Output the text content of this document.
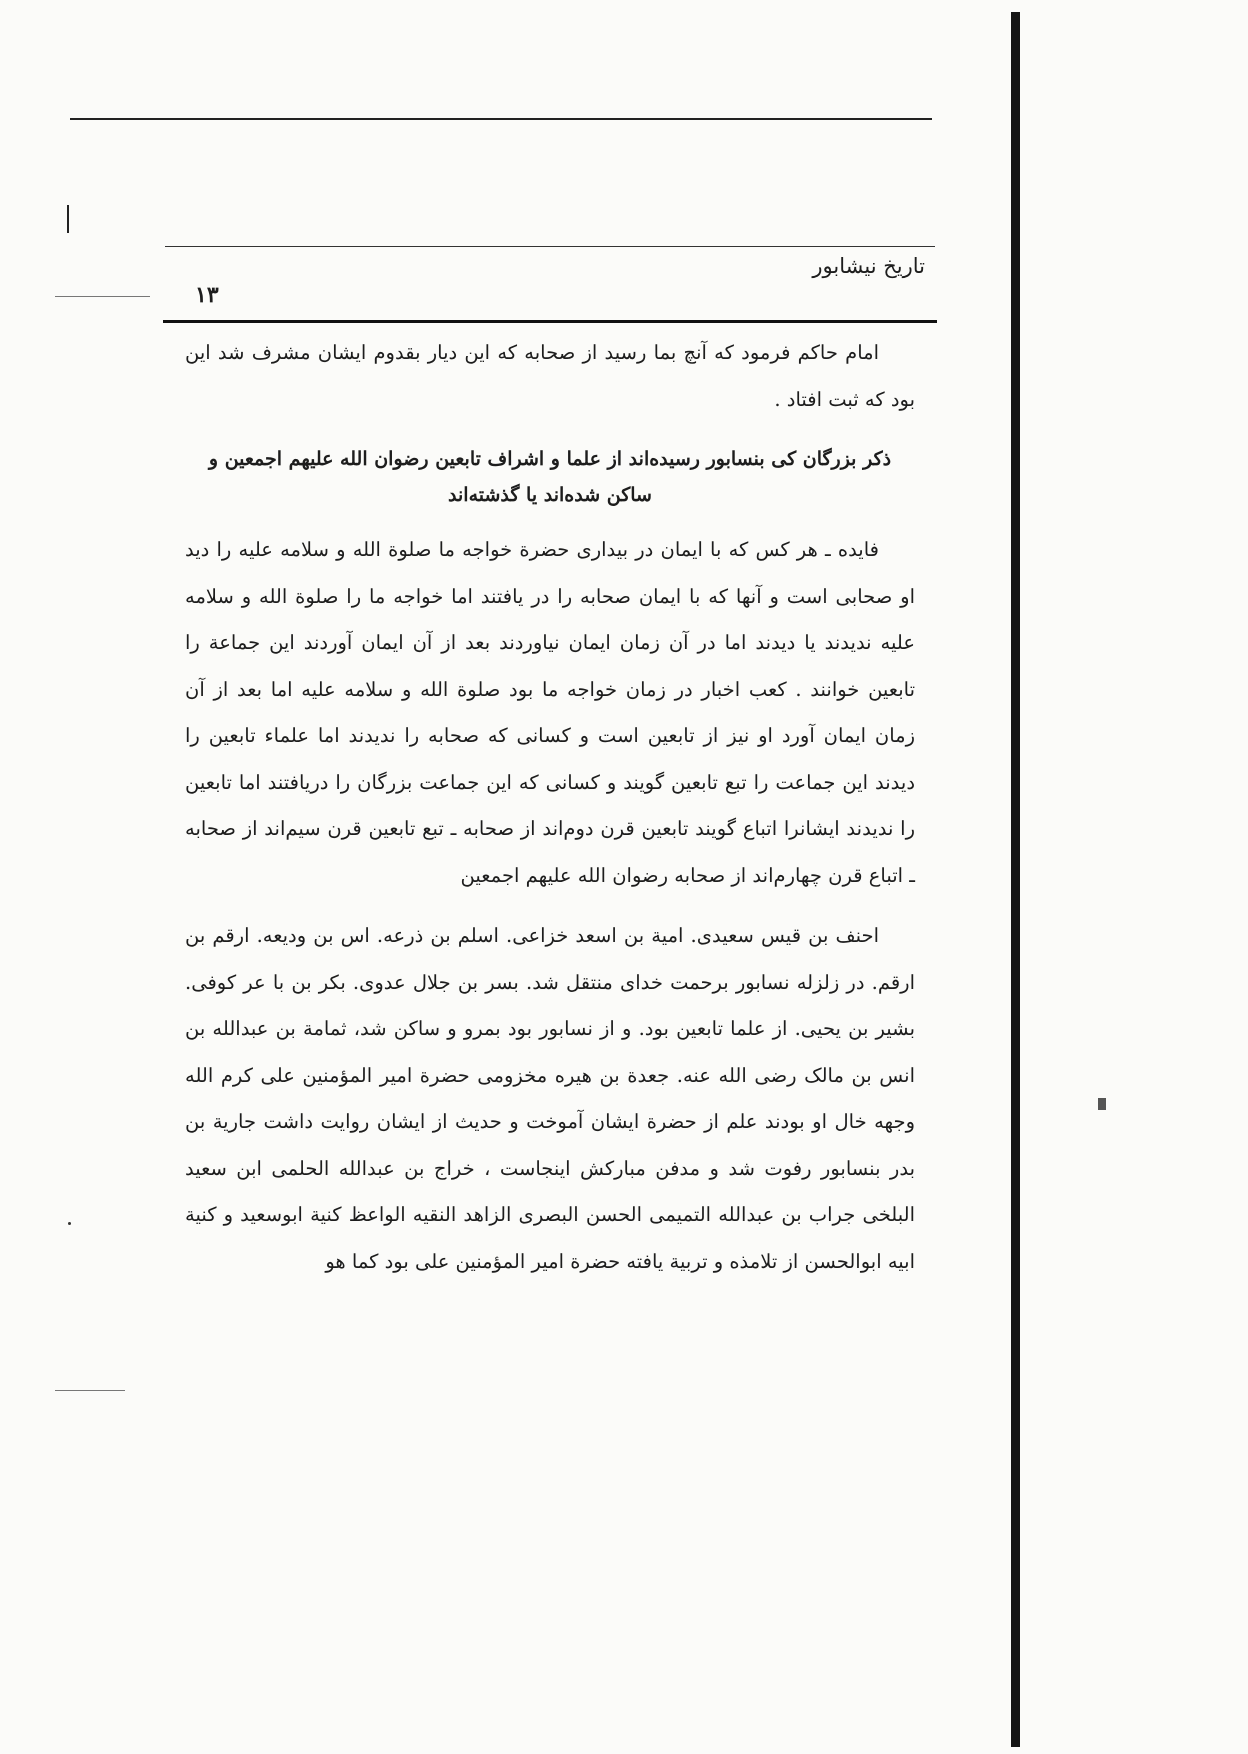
تاریخ نیشابور
۱۳

امام حاکم فرمود که آنچ بما رسید از صحابه که این دیار بقدوم ایشان مشرف شد این بود که ثبت افتاد .

ذکر بزرگان کی بنسابور رسیده‌اند از علما و اشراف تابعین رضوان الله علیهم اجمعین و ساکن شده‌اند یا گذشته‌اند

فایده ـ هر کس که با ایمان در بیداری حضرة خواجه ما صلوة الله و سلامه علیه را دید او صحابی است و آنها که با ایمان صحابه را در یافتند اما خواجه ما را صلوة الله و سلامه علیه ندیدند یا دیدند اما در آن زمان ایمان نیاوردند بعد از آن ایمان آوردند این جماعة را تابعین خوانند . کعب اخبار در زمان خواجه ما بود صلوة الله و سلامه علیه اما بعد از آن زمان ایمان آورد او نیز از تابعین است و کسانی که صحابه را ندیدند اما علماء تابعین را دیدند این جماعت را تبع تابعین گویند و کسانی که این جماعت بزرگان را دریافتند اما تابعین را ندیدند ایشانرا اتباع گویند تابعین قرن دوم‌اند از صحابه ـ تبع تابعین قرن سیم‌اند از صحابه ـ اتباع قرن چهارم‌اند از صحابه رضوان الله علیهم اجمعین

احنف بن قیس سعیدی. امیة بن اسعد خزاعی. اسلم بن ذرعه. اس بن ودیعه. ارقم بن ارقم. در زلزله نسابور برحمت خدای منتقل شد. بسر بن جلال عدوی. بکر بن با عر کوفی. بشیر بن یحیی. از علما تابعین بود. و از نسابور بود بمرو و ساکن شد، ثمامة بن عبدالله بن انس بن مالک رضی الله عنه. جعدة بن هیره مخزومی حضرة امیر المؤمنین علی کرم الله وجهه خال او بودند علم از حضرة ایشان آموخت و حدیث از ایشان روایت داشت جاریة بن بدر بنسابور رفوت شد و مدفن مبارکش اینجاست ، خراج بن عبدالله الحلمی ابن سعید البلخی جراب بن عبدالله التمیمی الحسن البصری الزاهد النقیه الواعظ کنیة ابوسعید و کنیة ابیه ابوالحسن از تلامذه و تربیة یافته حضرة امیر المؤمنین علی بود کما هو
